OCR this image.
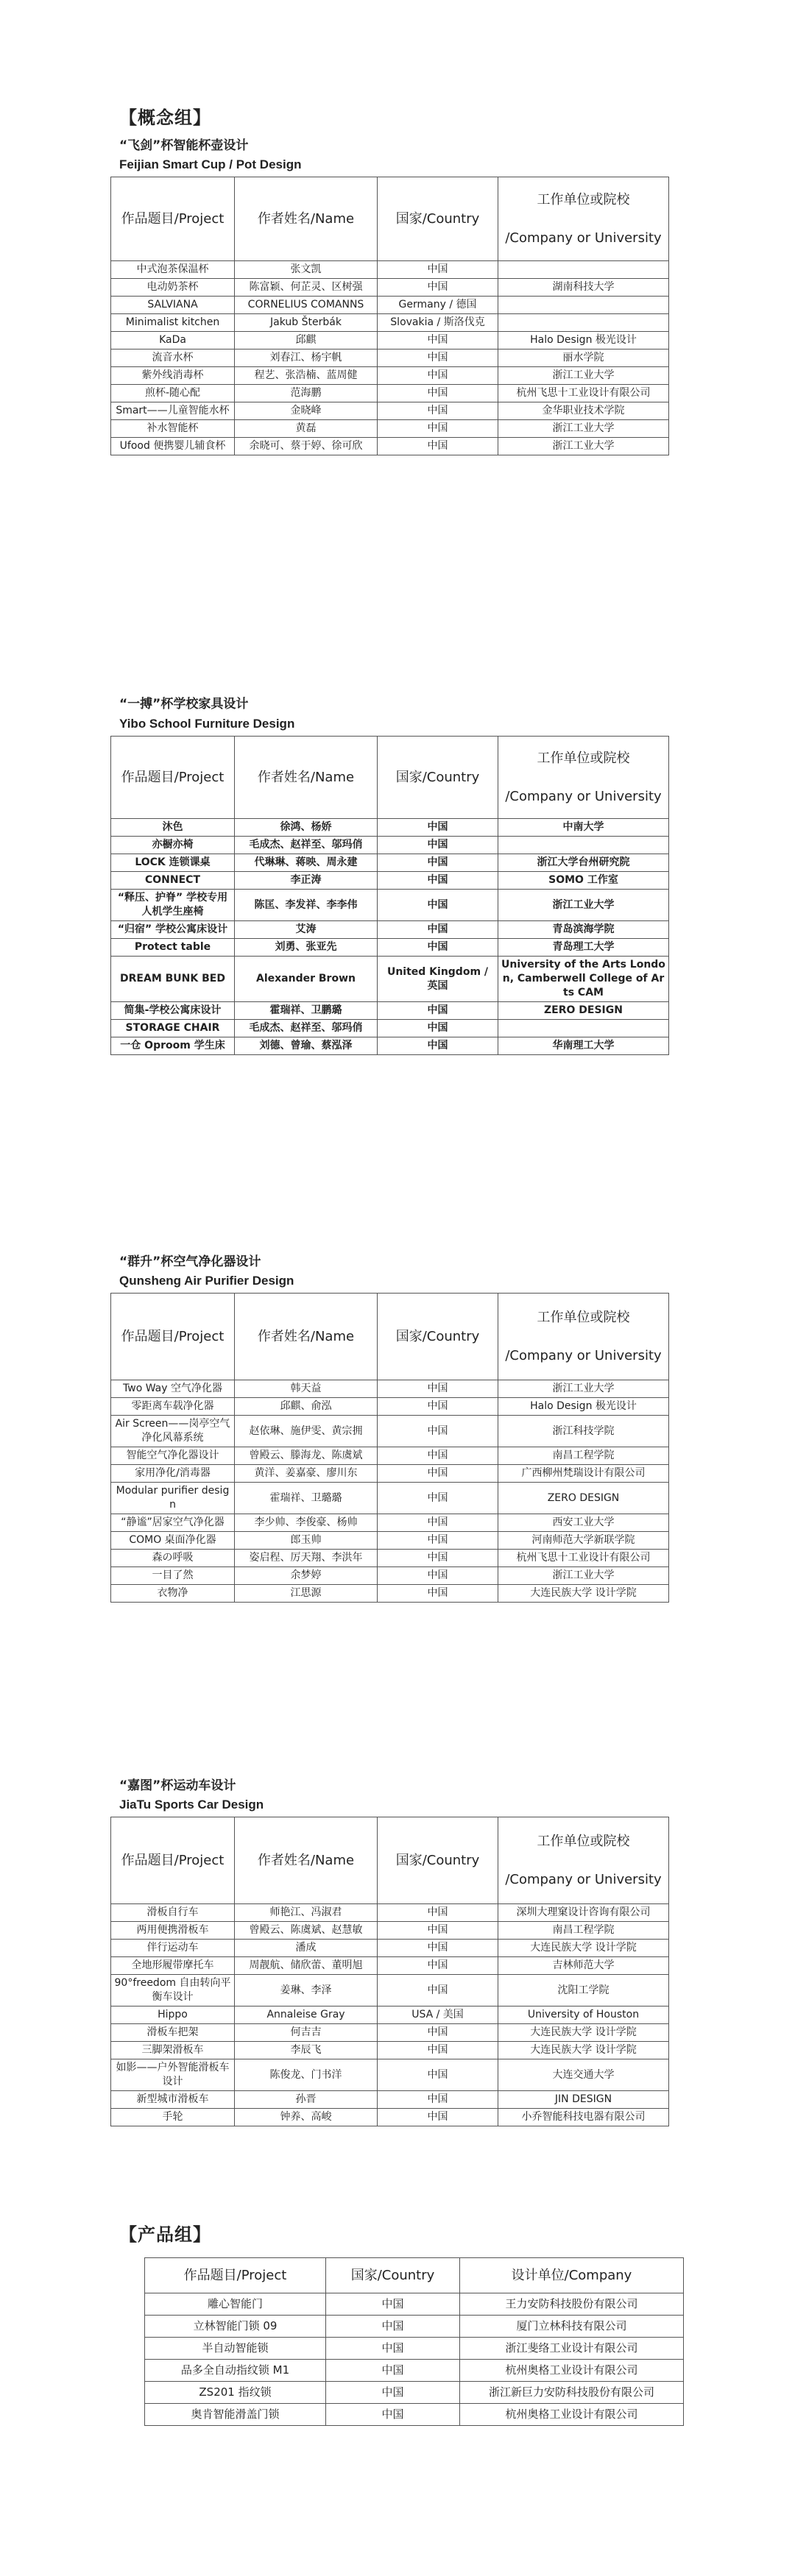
【概念组】
“飞剑”杯智能杯壶设计
Feijian Smart Cup / Pot Design
作品题目/Project	作者姓名/Name	国家/Country	工作单位或院校

/Company or University
中式泡茶保温杯	张文凯	中国	
电动奶茶杯	陈富颖、何芷灵、区树强	中国	湖南科技大学
SALVIANA	CORNELIUS COMANNS	Germany / 德国	
Minimalist kitchen	Jakub Šterbák	Slovakia / 斯洛伐克	
KaDa	邱麒	中国	Halo Design 极光设计
流音水杯	刘春江、杨宇帆	中国	丽水学院
紫外线消毒杯	程艺、张浩楠、蓝周健	中国	浙江工业大学
煎杯-随心配	范海鹏	中国	杭州飞思十工业设计有限公司
Smart——儿童智能水杯	金晓峰	中国	金华职业技术学院
补水智能杯	黄磊	中国	浙江工业大学
Ufood 便携婴儿辅食杯	余晓可、蔡于婷、徐可欣	中国	浙江工业大学
“一搏”杯学校家具设计
Yibo School Furniture Design
作品题目/Project	作者姓名/Name	国家/Country	工作单位或院校

/Company or University
沐色	徐鸿、杨娇	中国	中南大学
亦橱亦椅	毛成杰、赵祥至、邬玛俏	中国	
LOCK 连锁课桌	代琳琳、蒋映、周永建	中国	浙江大学台州研究院
CONNECT	李正涛	中国	SOMO 工作室
“释压、护脊” 学校专用人机学生座椅	陈匡、李发祥、李李伟	中国	浙江工业大学
“归宿” 学校公寓床设计	艾涛	中国	青岛滨海学院
Protect table	刘勇、张亚先	中国	青岛理工大学
DREAM BUNK BED	Alexander Brown	United Kingdom / 英国	University of the Arts London, Camberwell College of Arts CAM
简集-学校公寓床设计	霍瑞祥、卫鹏璐	中国	ZERO DESIGN
STORAGE CHAIR	毛成杰、赵祥至、邬玛俏	中国	
一仓 Oproom 学生床	刘德、曾瑜、蔡泓泽	中国	华南理工大学
“群升”杯空气净化器设计
Qunsheng Air Purifier Design
作品题目/Project	作者姓名/Name	国家/Country	工作单位或院校

/Company or University
Two Way 空气净化器	韩天益	中国	浙江工业大学
零距离车载净化器	邱麒、俞泓	中国	Halo Design 极光设计
Air Screen——岗亭空气净化风幕系统	赵依琳、施伊雯、黄宗拥	中国	浙江科技学院
智能空气净化器设计	曾殿云、滕海龙、陈虞斌	中国	南昌工程学院
家用净化/消毒器	黄洋、姜嘉豪、廖川东	中国	广西柳州梵瑞设计有限公司
Modular purifier design	霍瑞祥、卫璐璐	中国	ZERO DESIGN
“静谧”居家空气净化器	李少帅、李俊豪、杨帅	中国	西安工业大学
COMO 桌面净化器	郎玉帅	中国	河南师范大学新联学院
森の呼吸	姿启程、厉天翔、李洪年	中国	杭州飞思十工业设计有限公司
一目了然	余梦婷	中国	浙江工业大学
衣物净	江思源	中国	大连民族大学 设计学院
“嘉图”杯运动车设计
JiaTu Sports Car Design
作品题目/Project	作者姓名/Name	国家/Country	工作单位或院校

/Company or University
滑板自行车	师艳江、冯淑君	中国	深圳大理窠设计咨询有限公司
两用便携滑板车	曾殿云、陈虞斌、赵慧敏	中国	南昌工程学院
伴行运动车	潘成	中国	大连民族大学 设计学院
全地形履带摩托车	周靓航、储欣蕾、董明旭	中国	吉林师范大学
90°freedom 自由转向平衡车设计	姜琳、李泽	中国	沈阳工学院
Hippo	Annaleise Gray	USA / 美国	University of Houston
滑板车把架	何吉吉	中国	大连民族大学 设计学院
三脚架滑板车	李辰飞	中国	大连民族大学 设计学院
如影——户外智能滑板车设计	陈俊龙、门书洋	中国	大连交通大学
新型城市滑板车	孙晋	中国	JIN DESIGN
手轮	钟养、高峻	中国	小乔智能科技电器有限公司
【产品组】
作品题目/Project	国家/Country	设计单位/Company
雕心智能门	中国	王力安防科技股份有限公司
立林智能门锁 09	中国	厦门立林科技有限公司
半自动智能锁	中国	浙江斐络工业设计有限公司
品多全自动指纹锁 M1	中国	杭州奥格工业设计有限公司
ZS201 指纹锁	中国	浙江新巨力安防科技股份有限公司
奥肯智能滑盖门锁	中国	杭州奥格工业设计有限公司
